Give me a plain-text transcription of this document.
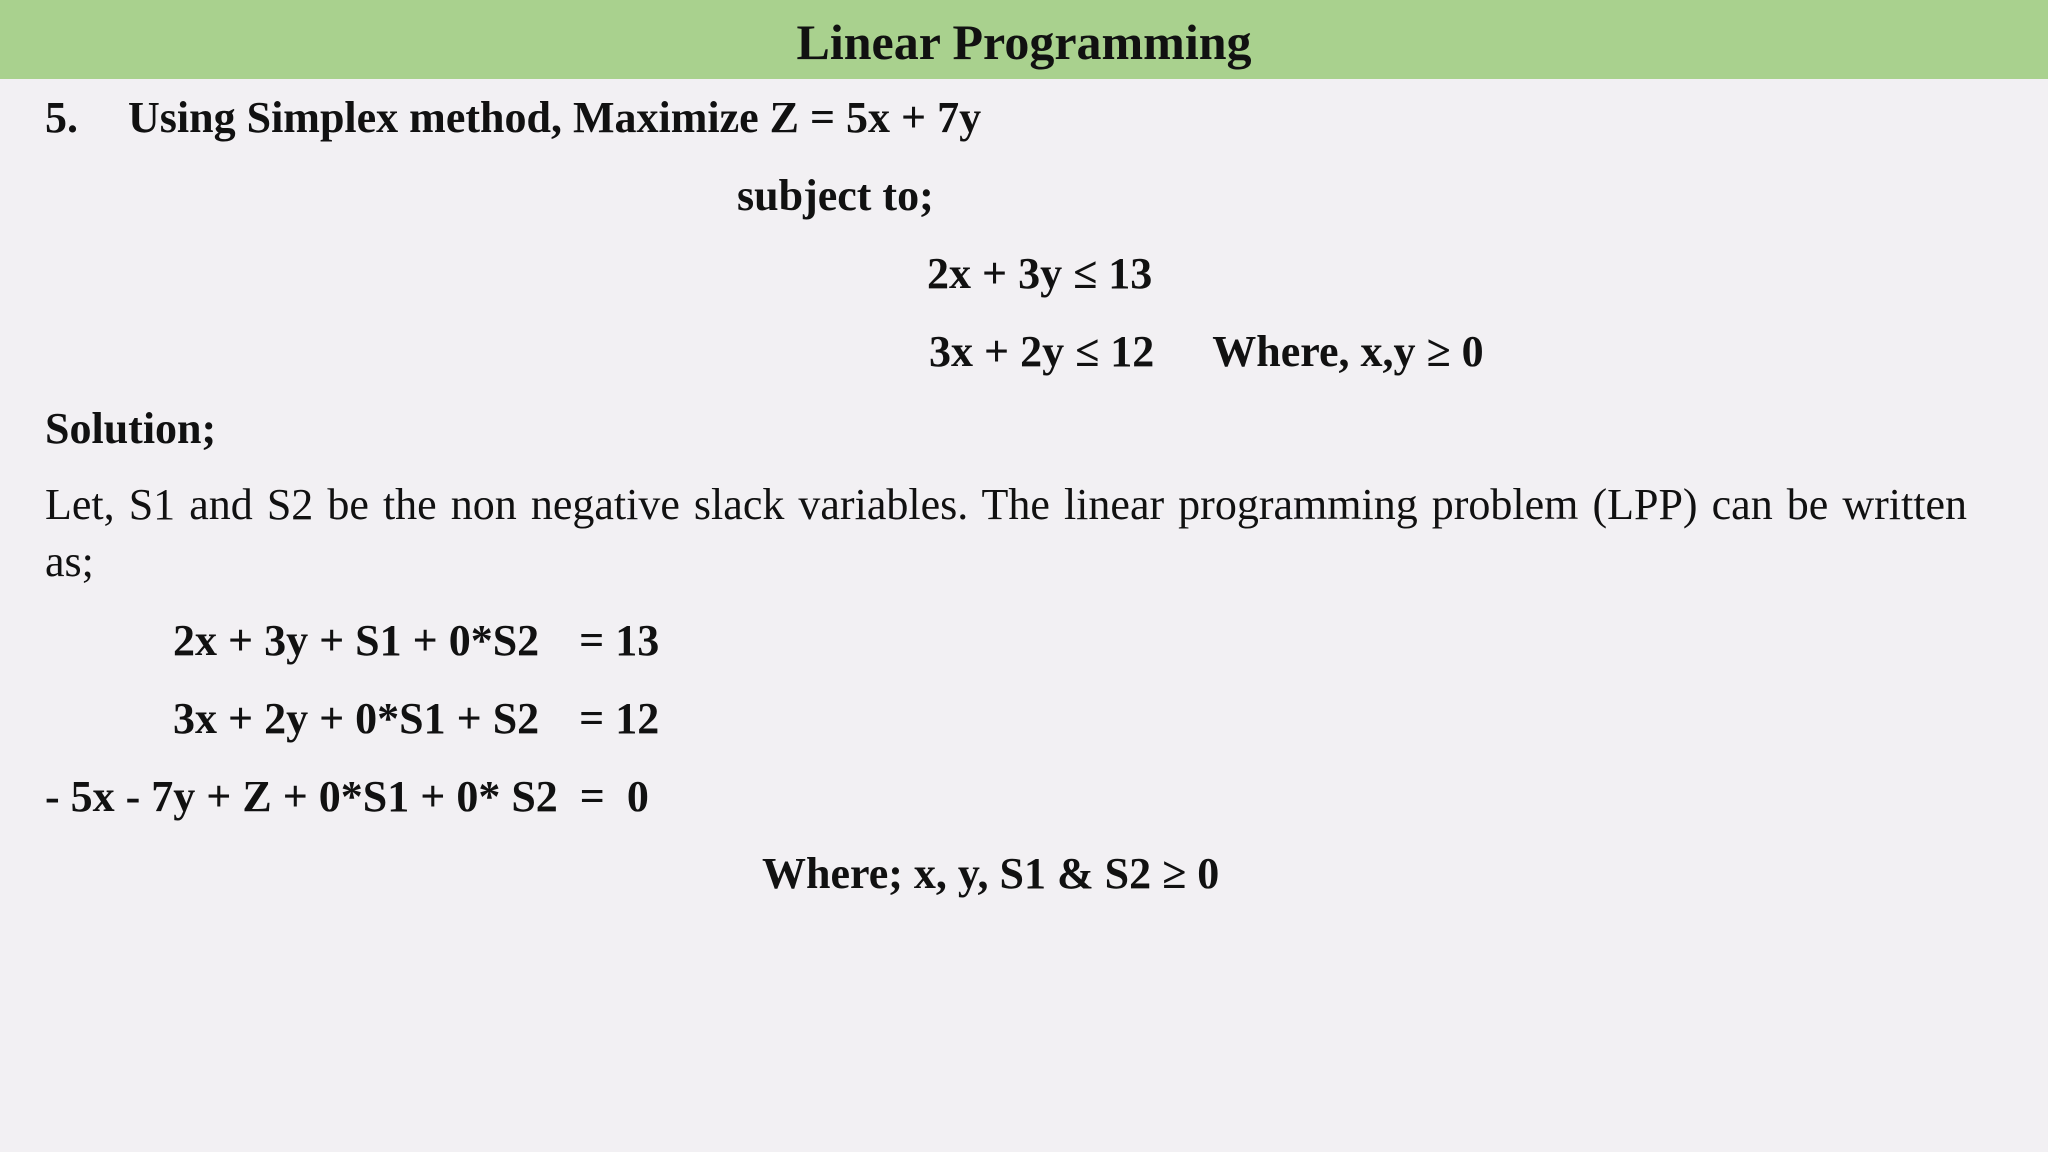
Linear Programming
5. Using Simplex method, Maximize Z = 5x + 7y
subject to;
2x + 3y ≤ 13
3x + 2y ≤ 12 Where, x,y ≥ 0
Solution;
Let, S1 and S2 be the non negative slack variables. The linear programming problem (LPP) can be written as;
2x + 3y + S1 + 0*S2 = 13
3x + 2y + 0*S1 + S2 = 12
- 5x - 7y + Z + 0*S1 + 0* S2  =  0
Where; x, y, S1 & S2 ≥ 0
